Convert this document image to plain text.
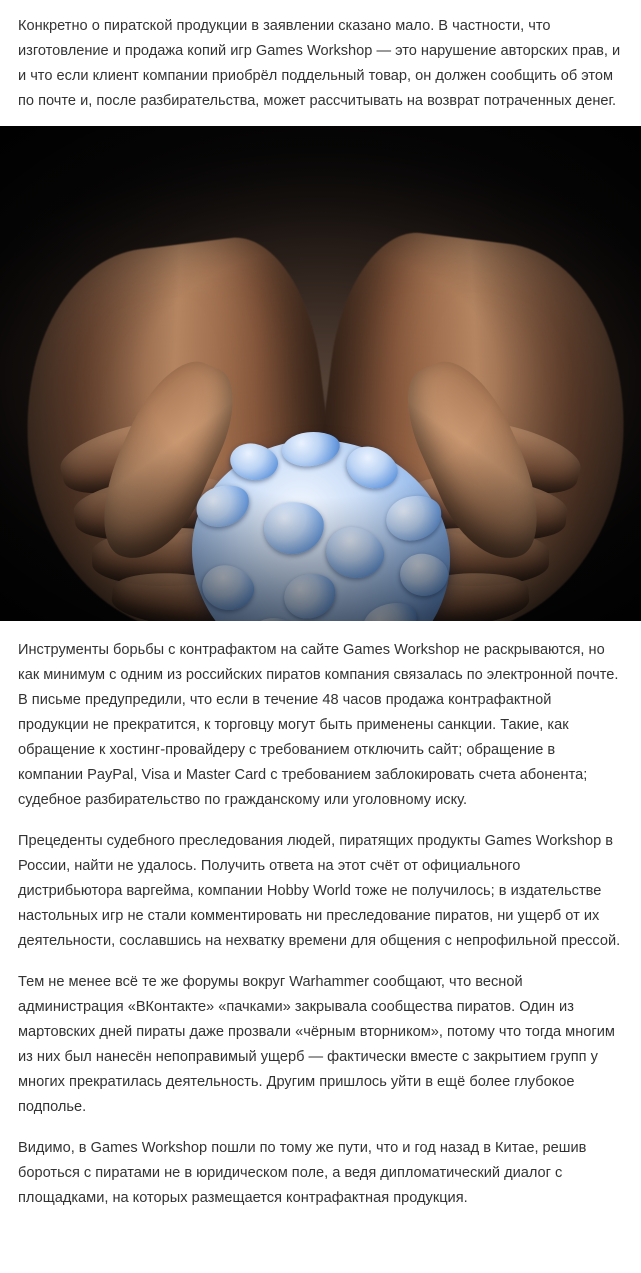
Конкретно о пиратской продукции в заявлении сказано мало. В частности, что изготовление и продажа копий игр Games Workshop — это нарушение авторских прав, и и что если клиент компании приобрёл поддельный товар, он должен сообщить об этом по почте и, после разбирательства, может рассчитывать на возврат потраченных денег.

Инструменты борьбы с контрафактом на сайте Games Workshop не раскрываются, но как минимум с одним из российских пиратов компания связалась по электронной почте. В письме предупредили, что если в течение 48 часов продажа контрафактной продукции не прекратится, к торговцу могут быть применены санкции. Такие, как обращение к хостинг-провайдеру с требованием отключить сайт; обращение в компании PayPal, Visa и Master Card с требованием заблокировать счета абонента; судебное разбирательство по гражданскому или уголовному иску.

Прецеденты судебного преследования людей, пиратящих продукты Games Workshop в России, найти не удалось. Получить ответа на этот счёт от официального дистрибьютора варгейма, компании Hobby World тоже не получилось; в издательстве настольных игр не стали комментировать ни преследование пиратов, ни ущерб от их деятельности, сославшись на нехватку времени для общения с непрофильной прессой.

Тем не менее всё те же форумы вокруг Warhammer сообщают, что весной администрация «ВКонтакте» «пачками» закрывала сообщества пиратов. Один из мартовских дней пираты даже прозвали «чёрным вторником», потому что тогда многим из них был нанесён непоправимый ущерб — фактически вместе с закрытием групп у многих прекратилась деятельность. Другим пришлось уйти в ещё более глубокое подполье.

Видимо, в Games Workshop пошли по тому же пути, что и год назад в Китае, решив бороться с пиратами не в юридическом поле, а ведя дипломатический диалог с площадками, на которых размещается контрафактная продукция.
